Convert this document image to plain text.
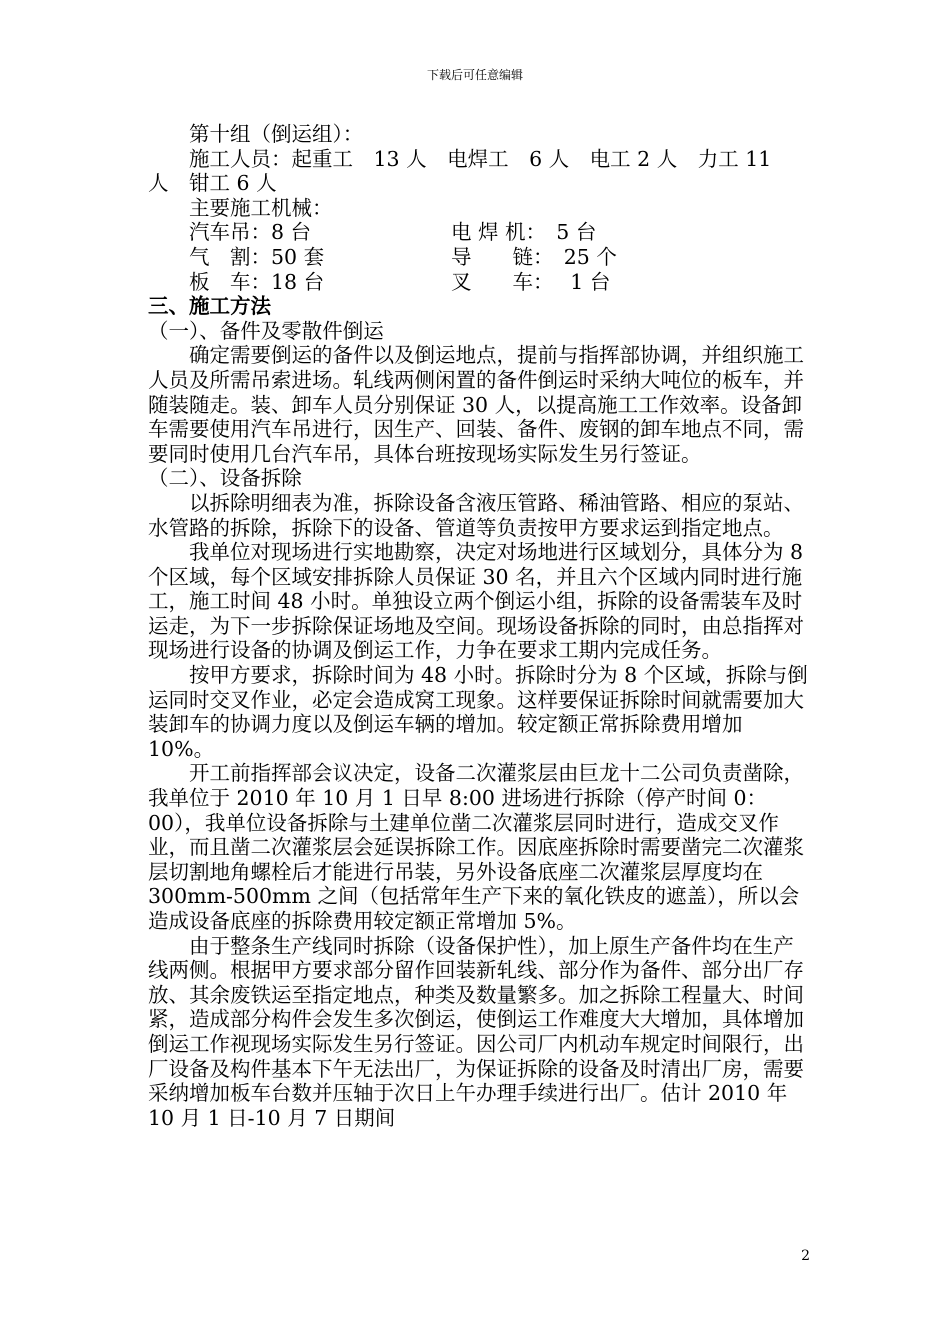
下载后可任意编辑

第十组（倒运组）：

施工人员：起重工　13 人　电焊工　6 人　电工 2 人　力工 11

人　钳工 6 人

主要施工机械：

汽车吊：8 台	电 焊 机：　5 台
气　割：50 套	导　　链：　25 个
板　车：18 台	叉　　车：　 1 台

三、施工方法

（一）、备件及零散件倒运

确定需要倒运的备件以及倒运地点，提前与指挥部协调，并组织施工人员及所需吊索进场。轧线两侧闲置的备件倒运时采纳大吨位的板车，并随装随走。装、卸车人员分别保证 30 人，以提高施工工作效率。设备卸车需要使用汽车吊进行，因生产、回装、备件、废钢的卸车地点不同，需要同时使用几台汽车吊，具体台班按现场实际发生另行签证。

（二）、设备拆除

以拆除明细表为准，拆除设备含液压管路、稀油管路、相应的泵站、水管路的拆除，拆除下的设备、管道等负责按甲方要求运到指定地点。

我单位对现场进行实地勘察，决定对场地进行区域划分，具体分为 8 个区域，每个区域安排拆除人员保证 30 名，并且六个区域内同时进行施工，施工时间 48 小时。单独设立两个倒运小组，拆除的设备需装车及时运走，为下一步拆除保证场地及空间。现场设备拆除的同时，由总指挥对现场进行设备的协调及倒运工作，力争在要求工期内完成任务。

按甲方要求，拆除时间为 48 小时。拆除时分为 8 个区域，拆除与倒运同时交叉作业，必定会造成窝工现象。这样要保证拆除时间就需要加大装卸车的协调力度以及倒运车辆的增加。较定额正常拆除费用增加 10%。

开工前指挥部会议决定，设备二次灌浆层由巨龙十二公司负责凿除，我单位于 2010 年 10 月 1 日早 8:00 进场进行拆除（停产时间 0：00），我单位设备拆除与土建单位凿二次灌浆层同时进行，造成交叉作业，而且凿二次灌浆层会延误拆除工作。因底座拆除时需要凿完二次灌浆层切割地角螺栓后才能进行吊装，另外设备底座二次灌浆层厚度均在 300mm-500mm 之间（包括常年生产下来的氧化铁皮的遮盖），所以会造成设备底座的拆除费用较定额正常增加 5%。

由于整条生产线同时拆除（设备保护性），加上原生产备件均在生产线两侧。根据甲方要求部分留作回装新轧线、部分作为备件、部分出厂存放、其余废铁运至指定地点，种类及数量繁多。加之拆除工程量大、时间紧，造成部分构件会发生多次倒运，使倒运工作难度大大增加，具体增加倒运工作视现场实际发生另行签证。因公司厂内机动车规定时间限行，出厂设备及构件基本下午无法出厂，为保证拆除的设备及时清出厂房，需要采纳增加板车台数并压轴于次日上午办理手续进行出厂。估计 2010 年 10 月 1 日-10 月 7 日期间

2
